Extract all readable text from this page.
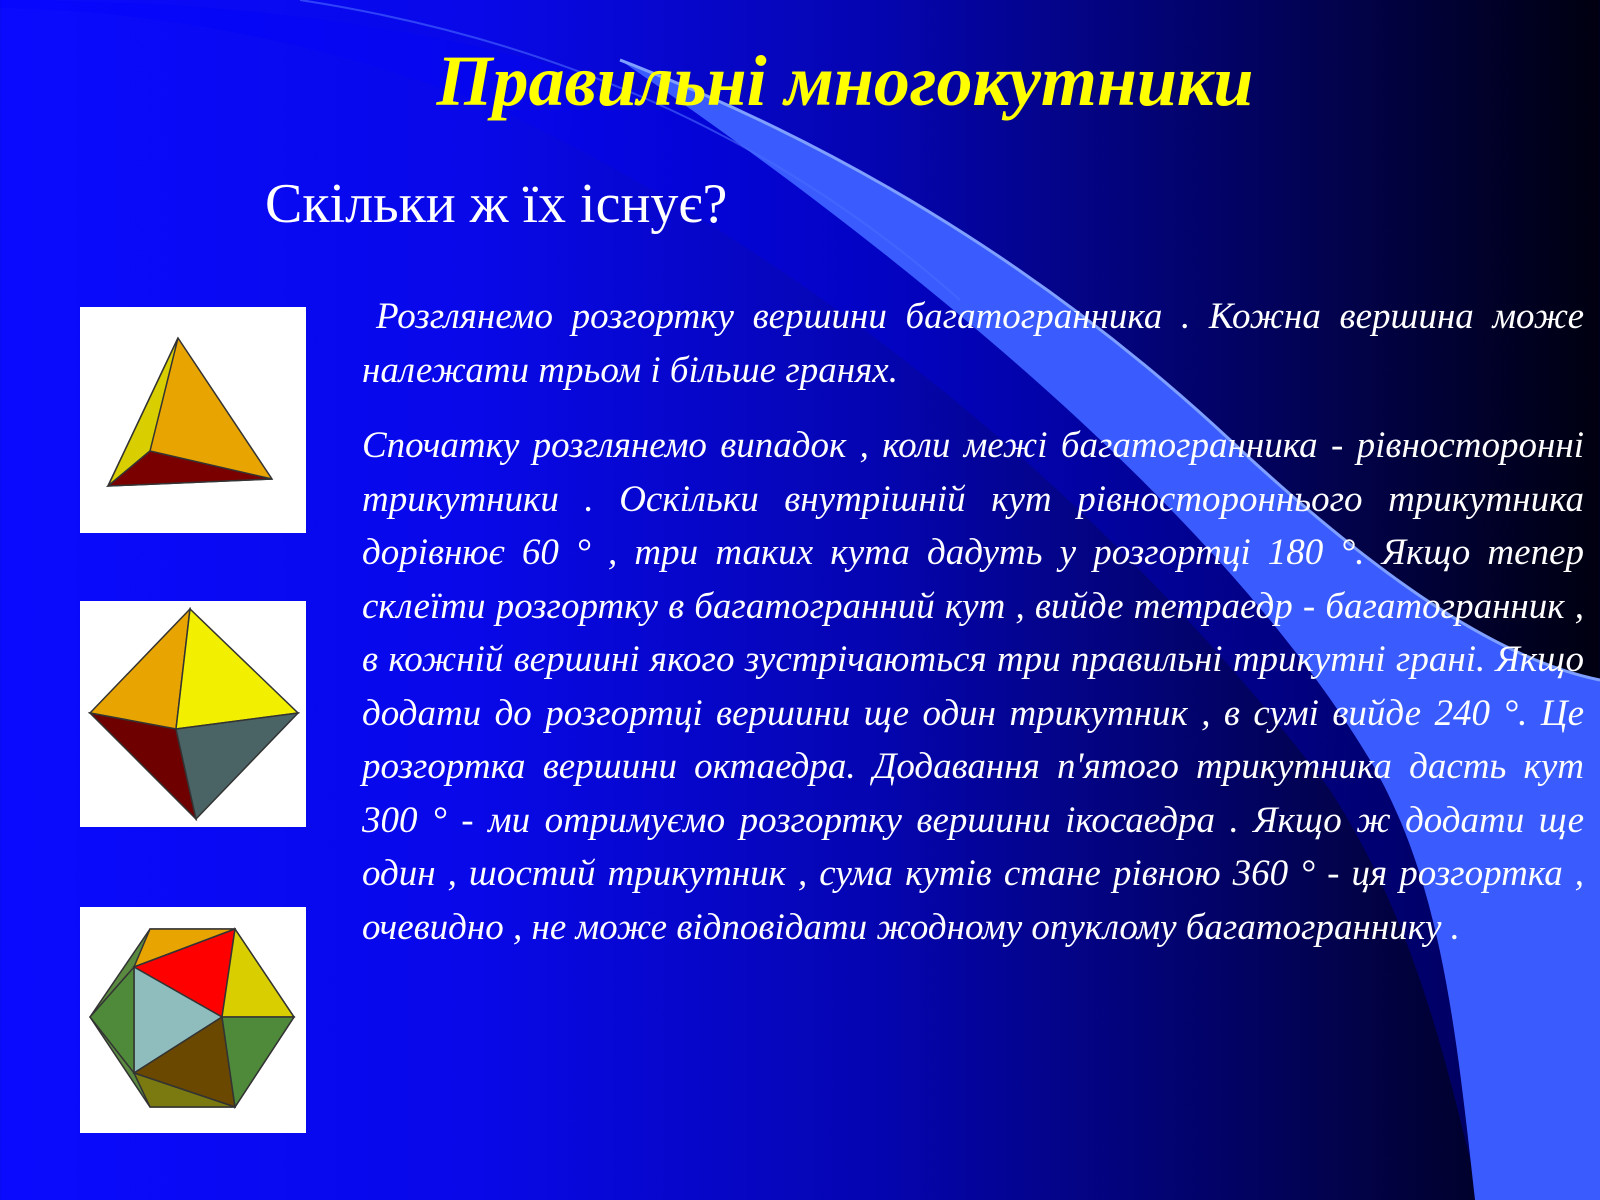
Правильні многокутники
Скільки ж їх існує?

Розглянемо розгортку вершини багатогранника . Кожна вершина може належати трьом і більше гранях.

Спочатку розглянемо випадок , коли межі багатогранника - рівносторонні трикутники . Оскільки внутрішній кут рівностороннього трикутника дорівнює 60 ° , три таких кута дадуть у розгортці 180 °. Якщо тепер склеїти розгортку в багатогранний кут , вийде тетраедр - багатогранник , в кожній вершині якого зустрічаються три правильні трикутні грані. Якщо додати до розгортці вершини ще один трикутник , в сумі вийде 240 °. Це розгортка вершини октаедра. Додавання п'ятого трикутника дасть кут 300 ° - ми отримуємо розгортку вершини ікосаедра . Якщо ж додати ще один , шостий трикутник , сума кутів стане рівною 360 ° - ця розгортка , очевидно , не може відповідати жодному опуклому багатограннику .
